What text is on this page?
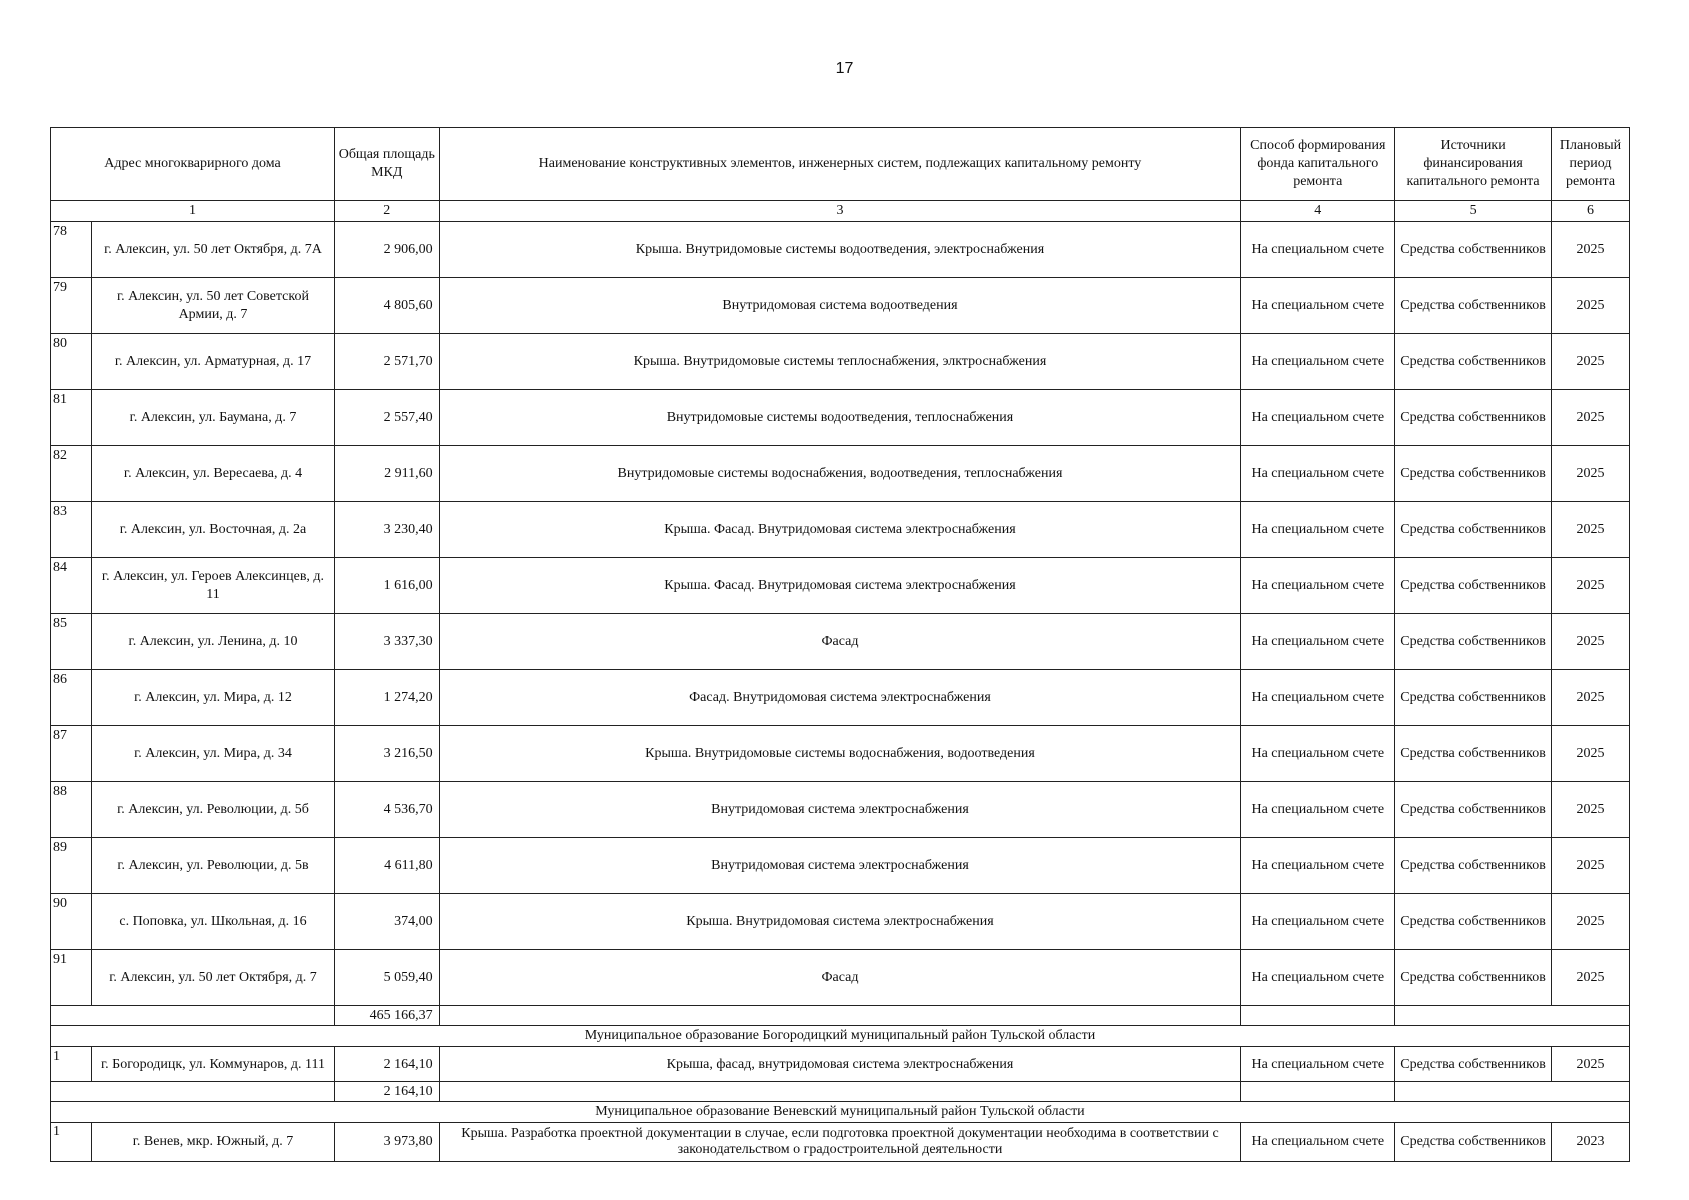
17
Адрес многокварирного дома		Общая площадь МКД	Наименование конструктивных элементов, инженерных систем, подлежащих капитальному ремонту	Способ формирования фонда капитального ремонта	Источники финансирования капитального ремонта	Плановый период ремонта
1		2	3	4	5	6
78	г. Алексин, ул. 50 лет Октября, д. 7А	2 906,00	Крыша. Внутридомовые системы водоотведения, электроснабжения	На специальном счете	Средства собственников	2025
79	г. Алексин, ул. 50 лет Советской Армии, д. 7	4 805,60	Внутридомовая система водоотведения	На специальном счете	Средства собственников	2025
80	г. Алексин, ул. Арматурная, д. 17	2 571,70	Крыша. Внутридомовые системы теплоснабжения, элктроснабжения	На специальном счете	Средства собственников	2025
81	г. Алексин, ул. Баумана, д. 7	2 557,40	Внутридомовые системы водоотведения, теплоснабжения	На специальном счете	Средства собственников	2025
82	г. Алексин, ул. Вересаева, д. 4	2 911,60	Внутридомовые системы водоснабжения, водоотведения, теплоснабжения	На специальном счете	Средства собственников	2025
83	г. Алексин, ул. Восточная, д. 2а	3 230,40	Крыша. Фасад. Внутридомовая система электроснабжения	На специальном счете	Средства собственников	2025
84	г. Алексин, ул. Героев Алексинцев, д. 11	1 616,00	Крыша. Фасад. Внутридомовая система электроснабжения	На специальном счете	Средства собственников	2025
85	г. Алексин, ул. Ленина, д. 10	3 337,30	Фасад	На специальном счете	Средства собственников	2025
86	г. Алексин, ул. Мира, д. 12	1 274,20	Фасад. Внутридомовая система электроснабжения	На специальном счете	Средства собственников	2025
87	г. Алексин, ул. Мира, д. 34	3 216,50	Крыша. Внутридомовые системы водоснабжения, водоотведения	На специальном счете	Средства собственников	2025
88	г. Алексин, ул. Революции, д. 5б	4 536,70	Внутридомовая система электроснабжения	На специальном счете	Средства собственников	2025
89	г. Алексин, ул. Революции, д. 5в	4 611,80	Внутридомовая система электроснабжения	На специальном счете	Средства собственников	2025
90	с. Поповка, ул. Школьная, д. 16	374,00	Крыша. Внутридомовая система электроснабжения	На специальном счете	Средства собственников	2025
91	г. Алексин, ул. 50 лет Октября, д. 7	5 059,40	Фасад	На специальном счете	Средства собственников	2025
		465 166,37				
Муниципальное образование Богородицкий муниципальный район Тульской области						
1	г. Богородицк, ул. Коммунаров, д. 111	2 164,10	Крыша, фасад, внутридомовая система электроснабжения	На специальном счете	Средства собственников	2025
		2 164,10				
Муниципальное образование Веневский муниципальный район Тульской области						
1	г. Венев, мкр. Южный, д. 7	3 973,80	Крыша. Разработка проектной документации в случае, если подготовка проектной документации необходима в соответствии с законодательством о градостроительной деятельности	На специальном счете	Средства собственников	2023
